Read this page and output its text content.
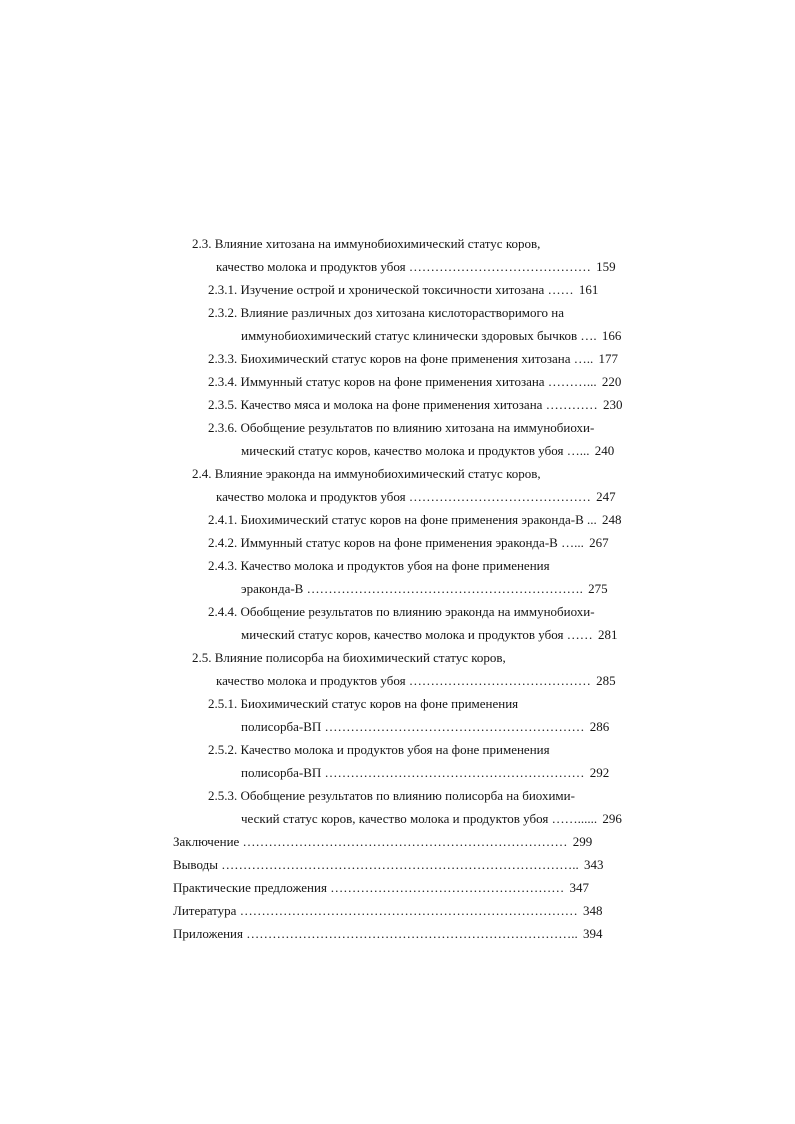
2.3. Влияние хитозана на иммунобиохимический статус коров,
качество молока и продуктов убоя …………………………………… 159
2.3.1. Изучение острой и хронической токсичности хитозана …… 161
2.3.2. Влияние различных доз хитозана кислоторастворимого на
иммунобиохимический статус клинически здоровых бычков …. 166
2.3.3. Биохимический статус коров на фоне применения хитозана ….. 177
2.3.4. Иммунный статус коров на фоне применения хитозана ………... 220
2.3.5. Качество мяса и молока на фоне применения хитозана ………… 230
2.3.6. Обобщение результатов по влиянию хитозана на иммунобиохи-
мический статус коров, качество молока и продуктов убоя …... 240
2.4. Влияние эраконда на иммунобиохимический статус коров,
качество молока и продуктов убоя …………………………………… 247
2.4.1. Биохимический статус коров на фоне применения эраконда-В ... 248
2.4.2. Иммунный статус коров на фоне применения эраконда-В …... 267
2.4.3. Качество молока и продуктов убоя на фоне применения
эраконда-В ………………………………………………………. 275
2.4.4. Обобщение результатов по влиянию эраконда на иммунобиохи-
мический статус коров, качество молока и продуктов убоя …… 281
2.5. Влияние полисорба на биохимический статус коров,
качество молока и продуктов убоя …………………………………… 285
2.5.1. Биохимический статус коров на фоне применения
полисорба-ВП …………………………………………………… 286
2.5.2. Качество молока и продуктов убоя на фоне применения
полисорба-ВП …………………………………………………… 292
2.5.3. Обобщение результатов по влиянию полисорба на биохими-
ческий статус коров, качество молока и продуктов убоя ……...... 296
Заключение ………………………………………………………………… 299
Выводы ……………………………………………………………………….. 343
Практические предложения ……………………………………………… 347
Литература …………………………………………………………………… 348
Приложения ………………………………………………………………….. 394
